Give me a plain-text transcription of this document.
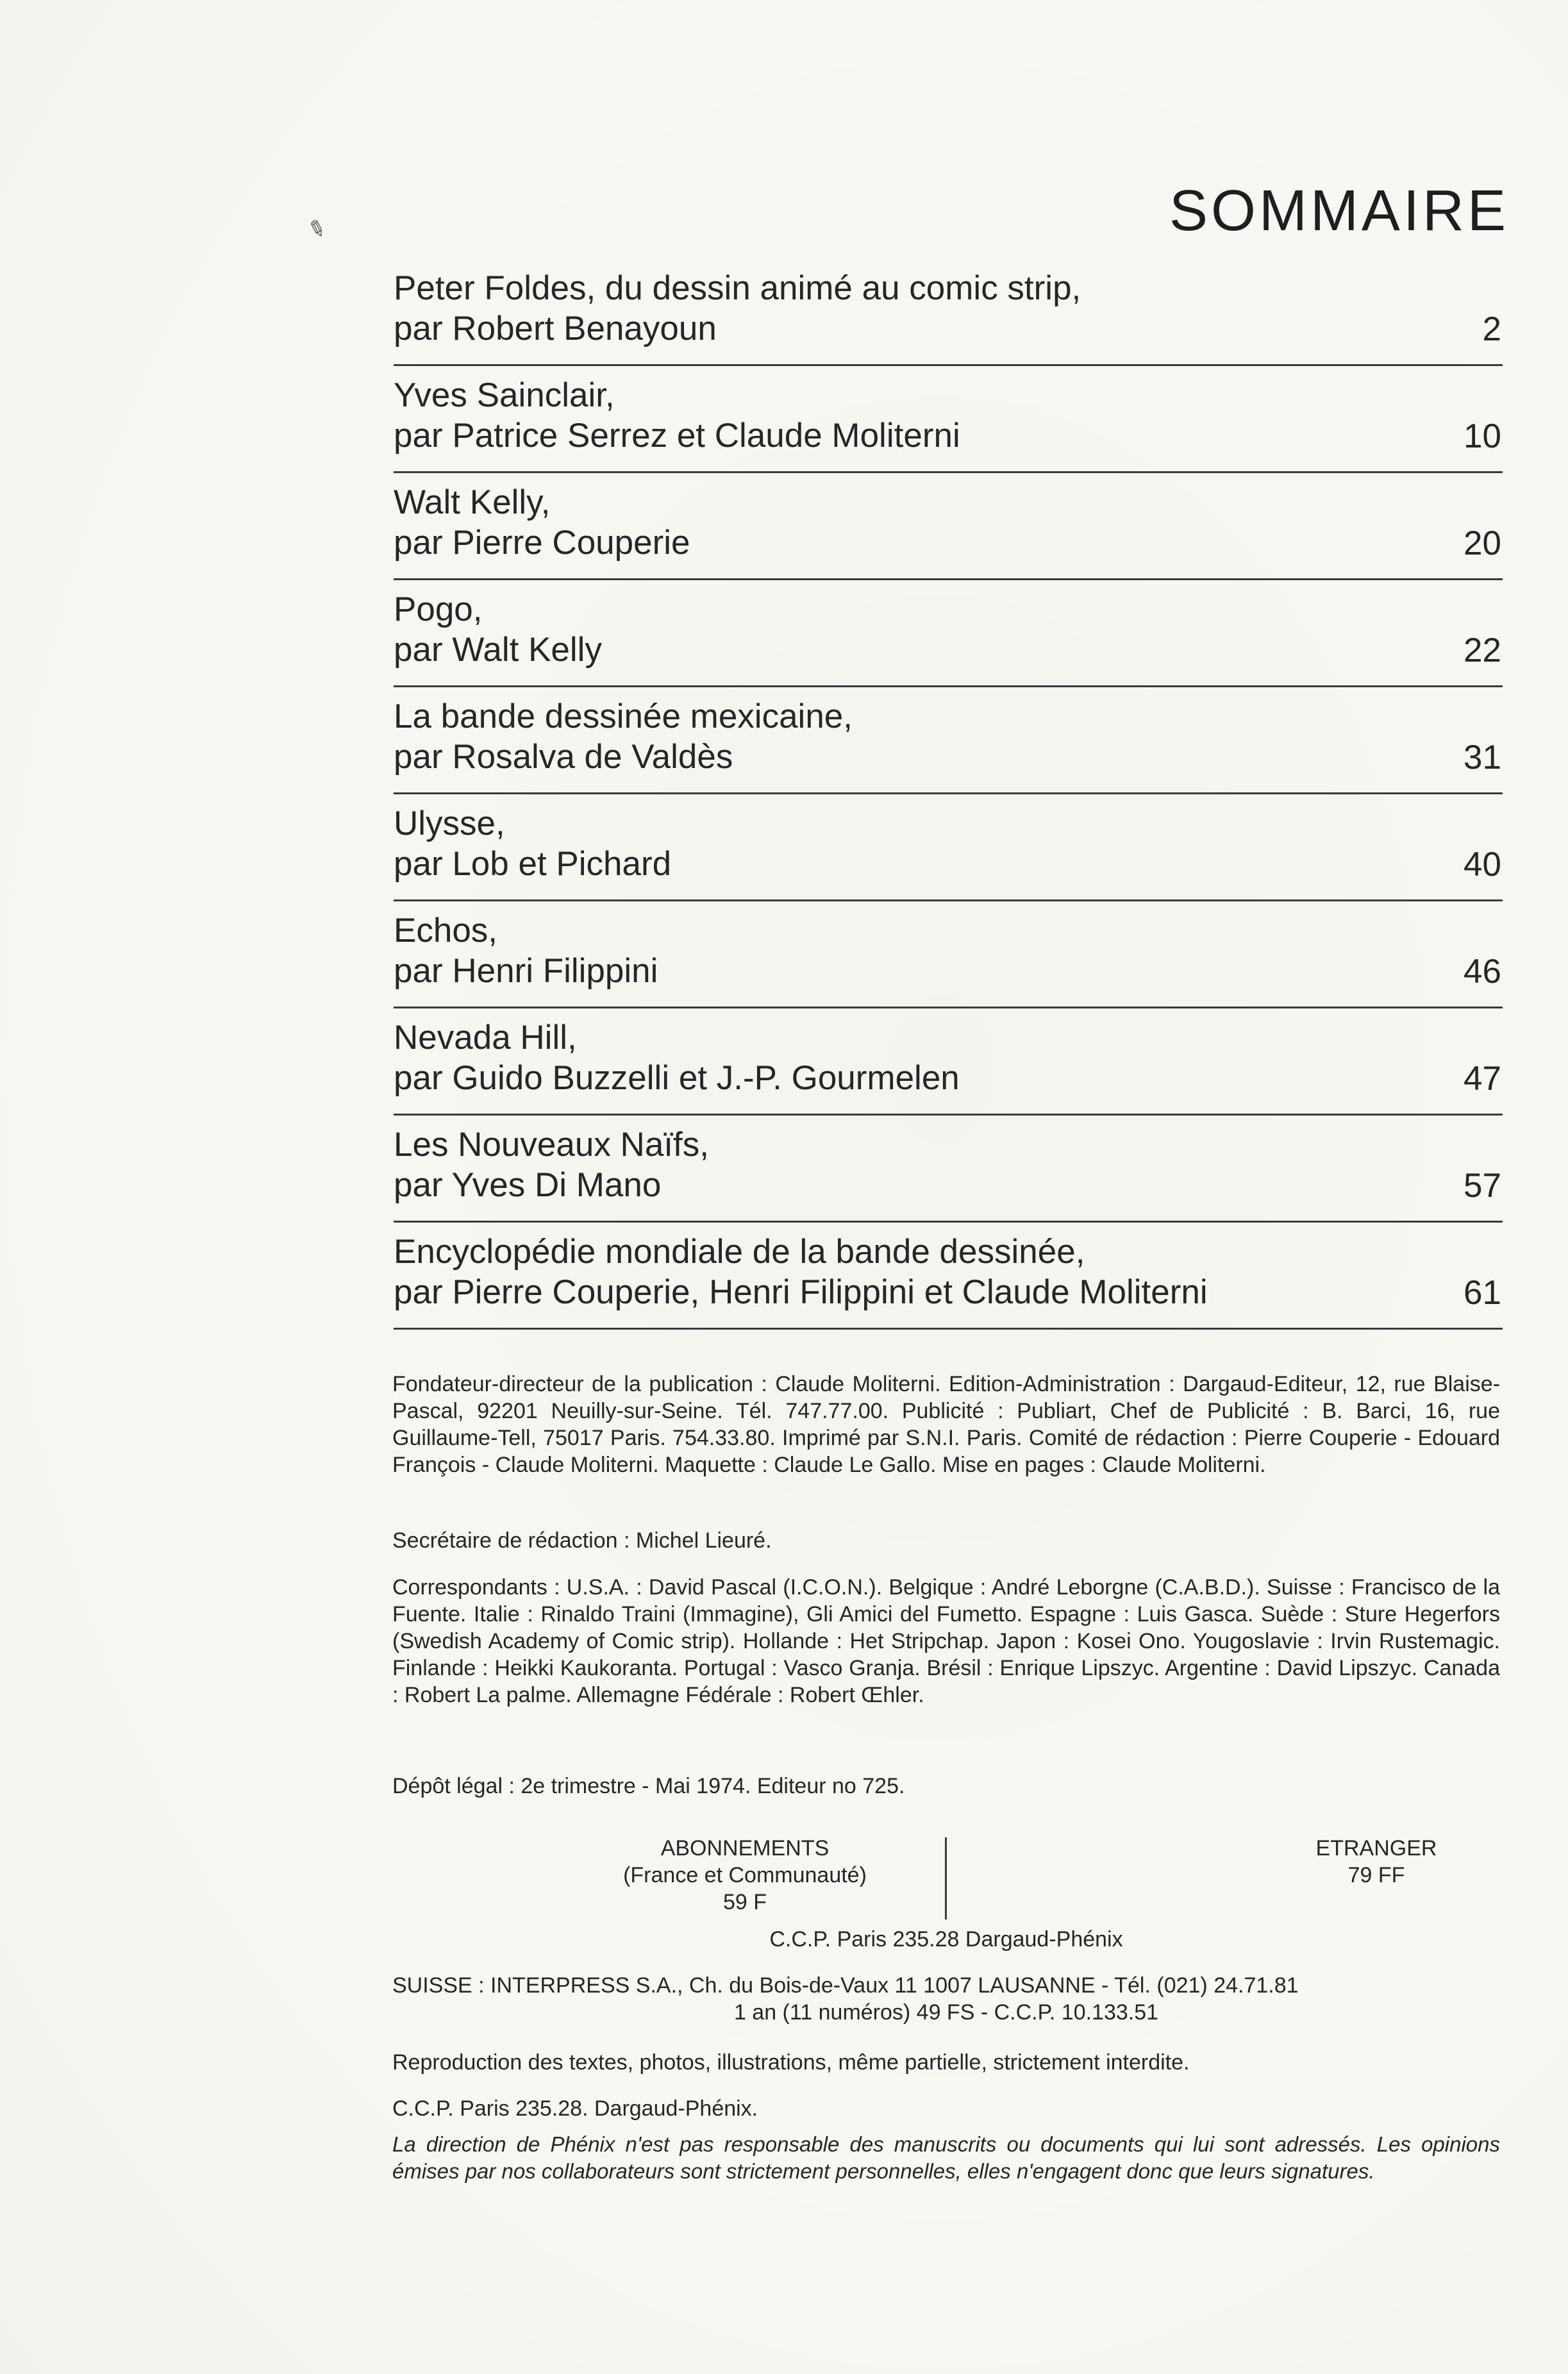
✎	SOMMAIRE
Peter Foldes, du dessin animé au comic strip,
par Robert Benayoun	2
Yves Sainclair,
par Patrice Serrez et Claude Moliterni	10
Walt Kelly,
par Pierre Couperie	20
Pogo,
par Walt Kelly	22
La bande dessinée mexicaine,
par Rosalva de Valdès	31
Ulysse,
par Lob et Pichard	40
Echos,
par Henri Filippini	46
Nevada Hill,
par Guido Buzzelli et J.-P. Gourmelen	47
Les Nouveaux Naïfs,
par Yves Di Mano	57
Encyclopédie mondiale de la bande dessinée,
par Pierre Couperie, Henri Filippini et Claude Moliterni	61

Fondateur-directeur de la publication : Claude Moliterni. Edition-Administration : Dargaud-Editeur, 12, rue Blaise-Pascal, 92201 Neuilly-sur-Seine. Tél. 747.77.00. Publicité : Publiart, Chef de Publicité : B. Barci, 16, rue Guillaume-Tell, 75017 Paris. 754.33.80. Imprimé par S.N.I. Paris. Comité de rédaction : Pierre Couperie - Edouard François - Claude Moliterni. Maquette : Claude Le Gallo. Mise en pages : Claude Moliterni.

Secrétaire de rédaction : Michel Lieuré.

Correspondants : U.S.A. : David Pascal (I.C.O.N.). Belgique : André Leborgne (C.A.B.D.). Suisse : Francisco de la Fuente. Italie : Rinaldo Traini (Immagine), Gli Amici del Fumetto. Espagne : Luis Gasca. Suède : Sture Hegerfors (Swedish Academy of Comic strip). Hollande : Het Stripchap. Japon : Kosei Ono. Yougoslavie : Irvin Rustemagic. Finlande : Heikki Kaukoranta. Portugal : Vasco Granja. Brésil : Enrique Lipszyc. Argentine : David Lipszyc. Canada : Robert La palme. Allemagne Fédérale : Robert Œhler.

Dépôt légal : 2e trimestre - Mai 1974. Editeur no 725.

ABONNEMENTS
(France et Communauté)
59 F
ETRANGER
79 FF
C.C.P. Paris 235.28 Dargaud-Phénix
SUISSE : INTERPRESS S.A., Ch. du Bois-de-Vaux 11 1007 LAUSANNE - Tél. (021) 24.71.81
1 an (11 numéros) 49 FS - C.C.P. 10.133.51
Reproduction des textes, photos, illustrations, même partielle, strictement interdite.
C.C.P. Paris 235.28. Dargaud-Phénix.
La direction de Phénix n'est pas responsable des manuscrits ou documents qui lui sont adressés. Les opinions émises par nos collaborateurs sont strictement personnelles, elles n'engagent donc que leurs signatures.
